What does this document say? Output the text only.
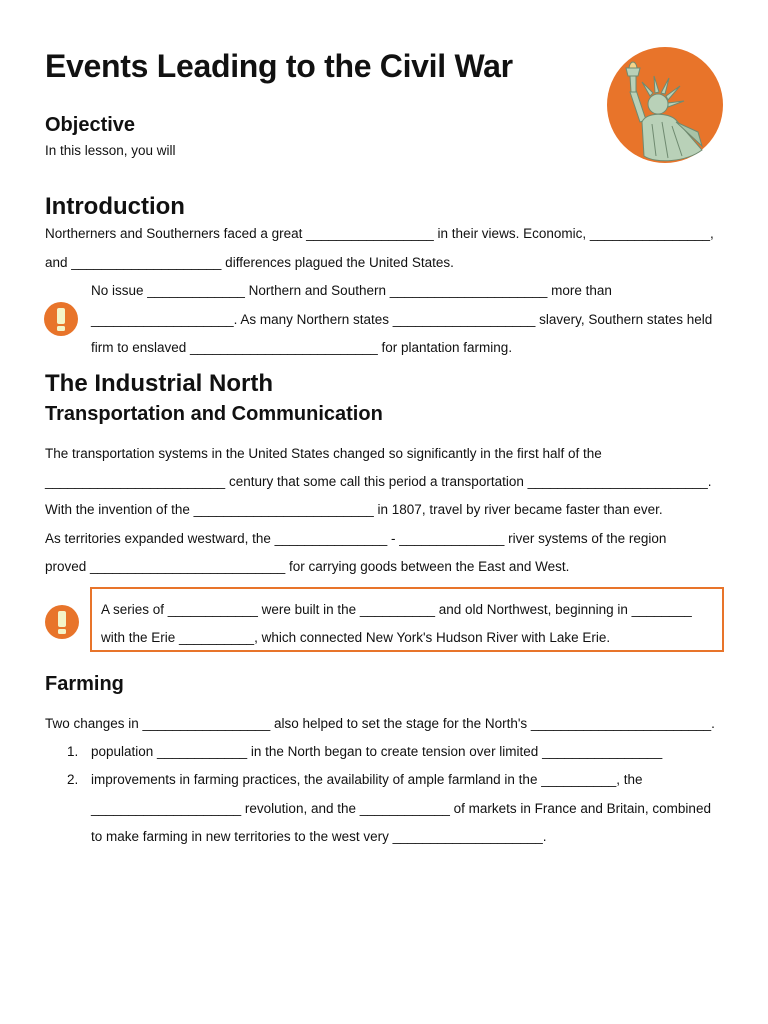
Events Leading to the Civil War
Objective

In this lesson, you will

Introduction

Northerners and Southerners faced a great _________________ in their views. Economic, ________________,

and ____________________ differences plagued the United States.

No issue _____________ Northern and Southern _____________________ more than

___________________. As many Northern states ___________________ slavery, Southern states held

firm to enslaved _________________________ for plantation farming.

The Industrial North
Transportation and Communication

The transportation systems in the United States changed so significantly in the first half of the

________________________ century that some call this period a transportation ________________________.

With the invention of the ________________________ in 1807, travel by river became faster than ever.

As territories expanded westward, the _______________ - ______________ river systems of the region

proved __________________________ for carrying goods between the East and West.

A series of ____________ were built in the __________ and old Northwest, beginning in ________

with the Erie __________, which connected New York's Hudson River with Lake Erie.

Farming

Two changes in _________________ also helped to set the stage for the North's ________________________.

1. population ____________ in the North began to create tension over limited ________________

2. improvements in farming practices, the availability of ample farmland in the __________, the

____________________ revolution, and the ____________ of markets in France and Britain, combined

to make farming in new territories to the west very ____________________.
